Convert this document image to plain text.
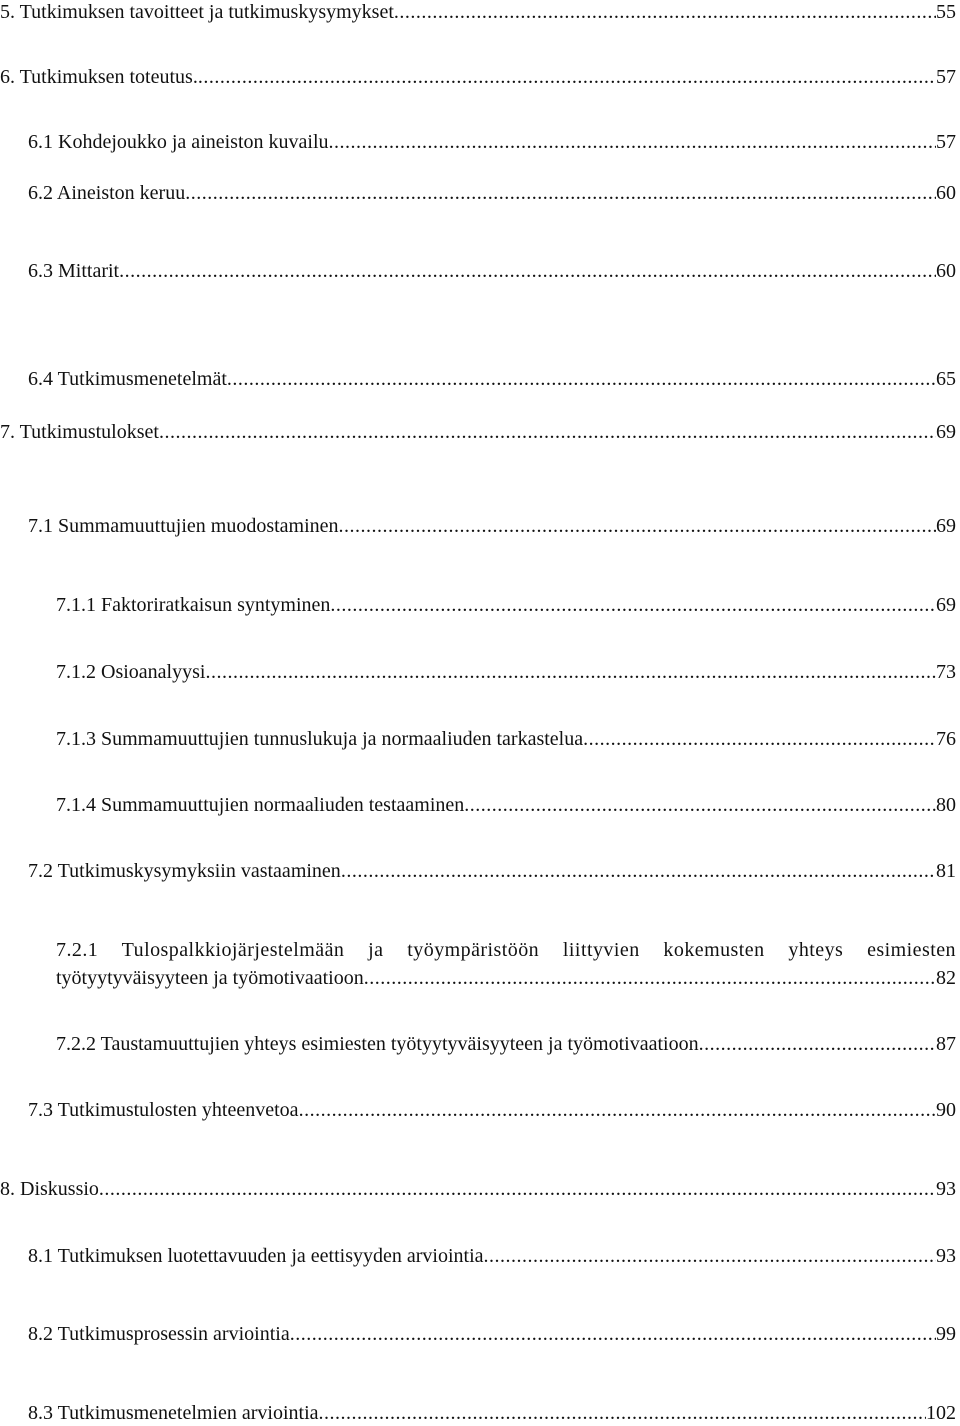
5. Tutkimuksen tavoitteet ja tutkimuskysymykset .....	55
6. Tutkimuksen toteutus. .....	57
6.1 Kohdejoukko ja aineiston kuvailu .....	57
6.2 Aineiston keruu .....	60
6.3 Mittarit .....	60
6.4 Tutkimusmenetelmät .....	65
7. Tutkimustulokset .....	69
7.1 Summamuuttujien muodostaminen .....	69
7.1.1 Faktoriratkaisun syntyminen .....	69
7.1.2 Osioanalyysi .....	73
7.1.3 Summamuuttujien tunnuslukuja ja normaaliuden tarkastelua .....	76
7.1.4 Summamuuttujien normaaliuden testaaminen .....	80
7.2 Tutkimuskysymyksiin vastaaminen .....	81
7.2.1 Tulospalkkiojärjestelmään ja työympäristöön liittyvien kokemusten yhteys esimiesten
työtyytyväisyyteen ja työmotivaatioon .....	82
7.2.2 Taustamuuttujien yhteys esimiesten työtyytyväisyyteen ja työmotivaatioon .....	87
7.3 Tutkimustulosten yhteenvetoa .....	90
8. Diskussio .....	93
8.1 Tutkimuksen luotettavuuden ja eettisyyden arviointia .....	93
8.2 Tutkimusprosessin arviointia .....	99
8.3 Tutkimusmenetelmien arviointia .....	102
